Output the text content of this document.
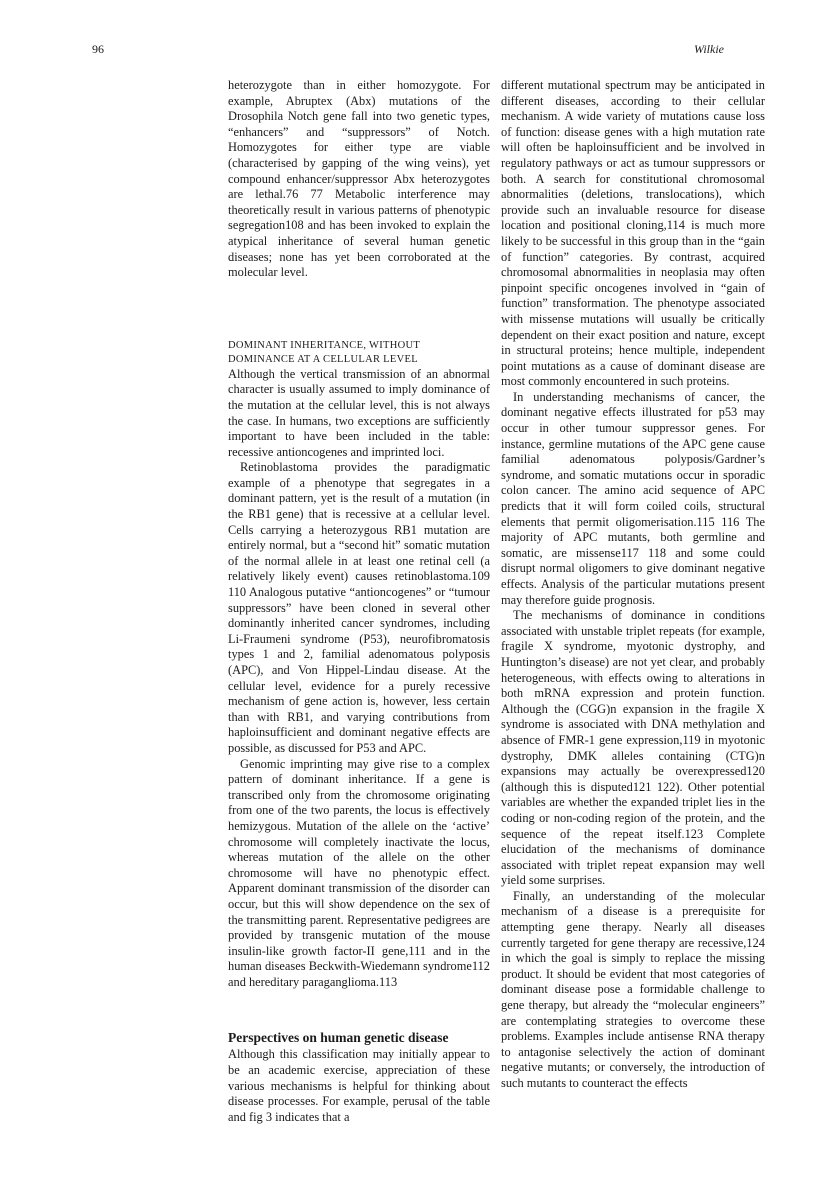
96	Wilkie

heterozygote than in either homozygote. For example, Abruptex (Abx) mutations of the Drosophila Notch gene fall into two genetic types, “enhancers” and “suppressors” of Notch. Homozygotes for either type are viable (characterised by gapping of the wing veins), yet compound enhancer/suppressor Abx heterozygotes are lethal.76 77 Metabolic interference may theoretically result in various patterns of phenotypic segregation108 and has been invoked to explain the atypical inheritance of several human genetic diseases; none has yet been corroborated at the molecular level.

DOMINANT INHERITANCE, WITHOUT
DOMINANCE AT A CELLULAR LEVEL

Although the vertical transmission of an abnormal character is usually assumed to imply dominance of the mutation at the cellular level, this is not always the case. In humans, two exceptions are sufficiently important to have been included in the table: recessive antioncogenes and imprinted loci.

Retinoblastoma provides the paradigmatic example of a phenotype that segregates in a dominant pattern, yet is the result of a mutation (in the RB1 gene) that is recessive at a cellular level. Cells carrying a heterozygous RB1 mutation are entirely normal, but a “second hit” somatic mutation of the normal allele in at least one retinal cell (a relatively likely event) causes retinoblastoma.109 110 Analogous putative “antioncogenes” or “tumour suppressors” have been cloned in several other dominantly inherited cancer syndromes, including Li-Fraumeni syndrome (P53), neurofibromatosis types 1 and 2, familial adenomatous polyposis (APC), and Von Hippel-Lindau disease. At the cellular level, evidence for a purely recessive mechanism of gene action is, however, less certain than with RB1, and varying contributions from haploinsufficient and dominant negative effects are possible, as discussed for P53 and APC.

Genomic imprinting may give rise to a complex pattern of dominant inheritance. If a gene is transcribed only from the chromosome originating from one of the two parents, the locus is effectively hemizygous. Mutation of the allele on the ‘active’ chromosome will completely inactivate the locus, whereas mutation of the allele on the other chromosome will have no phenotypic effect. Apparent dominant transmission of the disorder can occur, but this will show dependence on the sex of the transmitting parent. Representative pedigrees are provided by transgenic mutation of the mouse insulin-like growth factor-II gene,111 and in the human diseases Beckwith-Wiedemann syndrome112 and hereditary paraganglioma.113

Perspectives on human genetic disease

Although this classification may initially appear to be an academic exercise, appreciation of these various mechanisms is helpful for thinking about disease processes. For example, perusal of the table and fig 3 indicates that a

different mutational spectrum may be anticipated in different diseases, according to their cellular mechanism. A wide variety of mutations cause loss of function: disease genes with a high mutation rate will often be haploinsufficient and be involved in regulatory pathways or act as tumour suppressors or both. A search for constitutional chromosomal abnormalities (deletions, translocations), which provide such an invaluable resource for disease location and positional cloning,114 is much more likely to be successful in this group than in the “gain of function” categories. By contrast, acquired chromosomal abnormalities in neoplasia may often pinpoint specific oncogenes involved in “gain of function” transformation. The phenotype associated with missense mutations will usually be critically dependent on their exact position and nature, except in structural proteins; hence multiple, independent point mutations as a cause of dominant disease are most commonly encountered in such proteins.

In understanding mechanisms of cancer, the dominant negative effects illustrated for p53 may occur in other tumour suppressor genes. For instance, germline mutations of the APC gene cause familial adenomatous polyposis/Gardner’s syndrome, and somatic mutations occur in sporadic colon cancer. The amino acid sequence of APC predicts that it will form coiled coils, structural elements that permit oligomerisation.115 116 The majority of APC mutants, both germline and somatic, are missense117 118 and some could disrupt normal oligomers to give dominant negative effects. Analysis of the particular mutations present may therefore guide prognosis.

The mechanisms of dominance in conditions associated with unstable triplet repeats (for example, fragile X syndrome, myotonic dystrophy, and Huntington’s disease) are not yet clear, and probably heterogeneous, with effects owing to alterations in both mRNA expression and protein function. Although the (CGG)n expansion in the fragile X syndrome is associated with DNA methylation and absence of FMR-1 gene expression,119 in myotonic dystrophy, DMK alleles containing (CTG)n expansions may actually be overexpressed120 (although this is disputed121 122). Other potential variables are whether the expanded triplet lies in the coding or non-coding region of the protein, and the sequence of the repeat itself.123 Complete elucidation of the mechanisms of dominance associated with triplet repeat expansion may well yield some surprises.

Finally, an understanding of the molecular mechanism of a disease is a prerequisite for attempting gene therapy. Nearly all diseases currently targeted for gene therapy are recessive,124 in which the goal is simply to replace the missing product. It should be evident that most categories of dominant disease pose a formidable challenge to gene therapy, but already the “molecular engineers” are contemplating strategies to overcome these problems. Examples include antisense RNA therapy to antagonise selectively the action of dominant negative mutants; or conversely, the introduction of such mutants to counteract the effects
